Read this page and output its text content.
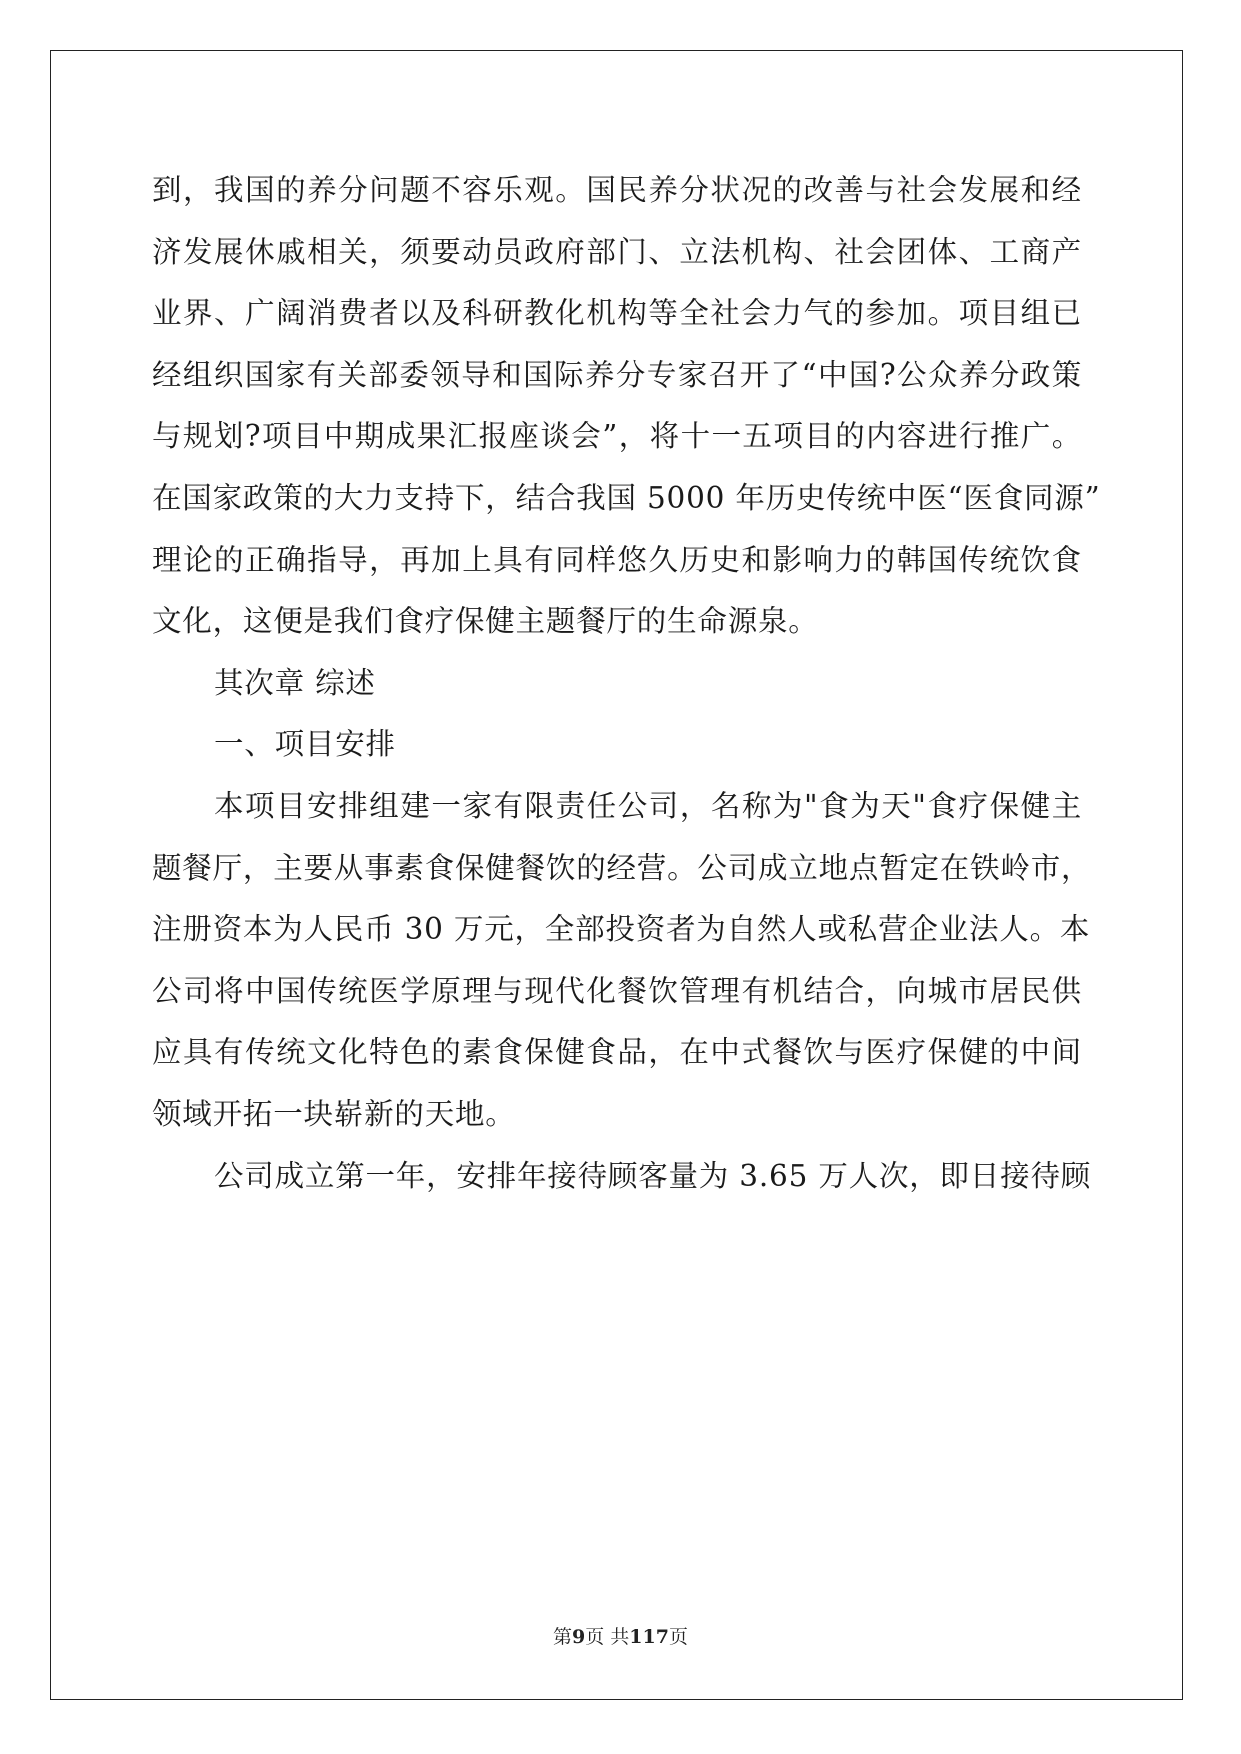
到，我国的养分问题不容乐观。国民养分状况的改善与社会发展和经
济发展休戚相关，须要动员政府部门、立法机构、社会团体、工商产
业界、广阔消费者以及科研教化机构等全社会力气的参加。项目组已
经组织国家有关部委领导和国际养分专家召开了“中国?公众养分政策
与规划?项目中期成果汇报座谈会”，将十一五项目的内容进行推广。
在国家政策的大力支持下，结合我国 5000 年历史传统中医“医食同源”
理论的正确指导，再加上具有同样悠久历史和影响力的韩国传统饮食
文化，这便是我们食疗保健主题餐厅的生命源泉。
其次章 综述
一、项目安排
本项目安排组建一家有限责任公司，名称为"食为天"食疗保健主
题餐厅，主要从事素食保健餐饮的经营。公司成立地点暂定在铁岭市，
注册资本为人民币 30 万元，全部投资者为自然人或私营企业法人。本
公司将中国传统医学原理与现代化餐饮管理有机结合，向城市居民供
应具有传统文化特色的素食保健食品，在中式餐饮与医疗保健的中间
领域开拓一块崭新的天地。
公司成立第一年，安排年接待顾客量为 3.65 万人次，即日接待顾
第9页 共117页
